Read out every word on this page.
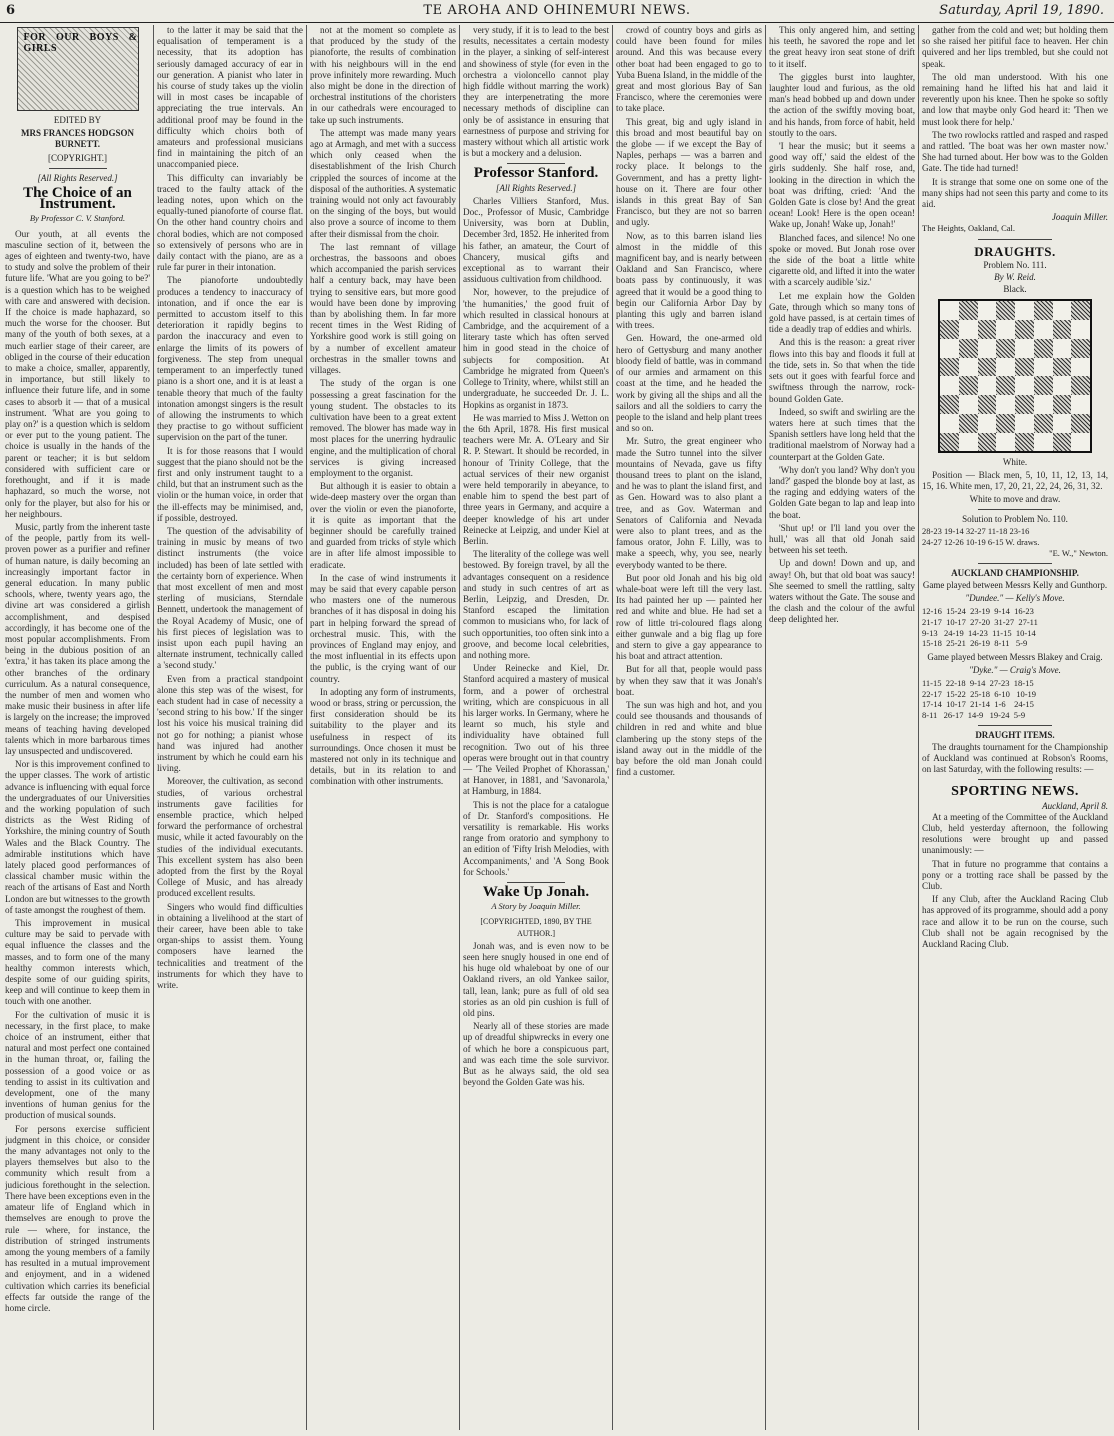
6	TE AROHA AND OHINEMURI NEWS.	Saturday, April 19, 1890.
FOR OUR BOYS & GIRLS
EDITED BY
MRS FRANCES HODGSON BURNETT.
[COPYRIGHT.]
[All Rights Reserved.]
The Choice of an Instrument.
By Professor C. V. Stanford.

Our youth, at all events the masculine section of it, between the ages of eighteen and twenty-two, have to study and solve the problem of their future life. 'What are you going to be?' is a question which has to be weighed with care and answered with decision. If the choice is made haphazard, so much the worse for the chooser. But many of the youth of both sexes, at a much earlier stage of their career, are obliged in the course of their education to make a choice, smaller, apparently, in importance, but still likely to influence their future life, and in some cases to absorb it — that of a musical instrument. 'What are you going to play on?' is a question which is seldom or ever put to the young patient. The choice is usually in the hands of the parent or teacher; it is but seldom considered with sufficient care or forethought, and if it is made haphazard, so much the worse, not only for the player, but also for his or her neighbours.

Music, partly from the inherent taste of the people, partly from its well-proven power as a purifier and refiner of human nature, is daily becoming an increasingly important factor in general education. In many public schools, where, twenty years ago, the divine art was considered a girlish accomplishment, and despised accordingly, it has become one of the most popular accomplishments. From being in the dubious position of an 'extra,' it has taken its place among the other branches of the ordinary curriculum. As a natural consequence, the number of men and women who make music their business in after life is largely on the increase; the improved means of teaching having developed talents which in more barbarous times lay unsuspected and undiscovered.

Nor is this improvement confined to the upper classes. The work of artistic advance is influencing with equal force the undergraduates of our Universities and the working population of such districts as the West Riding of Yorkshire, the mining country of South Wales and the Black Country. The admirable institutions which have lately placed good performances of classical chamber music within the reach of the artisans of East and North London are but witnesses to the growth of taste amongst the roughest of them.

This improvement in musical culture may be said to pervade with equal influence the classes and the masses, and to form one of the many healthy common interests which, despite some of our guiding spirits, keep and will continue to keep them in touch with one another.

For the cultivation of music it is necessary, in the first place, to make choice of an instrument, either that natural and most perfect one contained in the human throat, or, failing the possession of a good voice or as tending to assist in its cultivation and development, one of the many inventions of human genius for the production of musical sounds.

For persons exercise sufficient judgment in this choice, or consider the many advantages not only to the players themselves but also to the community which result from a judicious forethought in the selection. There have been exceptions even in the amateur life of England which in themselves are enough to prove the rule — where, for instance, the distribution of stringed instruments among the young members of a family has resulted in a mutual improvement and enjoyment, and in a widened cultivation which carries its beneficial effects far outside the range of the home circle.

to the latter it may be said that the equalisation of temperament is a necessity, that its adoption has seriously damaged accuracy of ear in our generation. A pianist who later in his course of study takes up the violin will in most cases be incapable of appreciating the true intervals. An additional proof may be found in the difficulty which choirs both of amateurs and professional musicians find in maintaining the pitch of an unaccompanied piece.

This difficulty can invariably be traced to the faulty attack of the leading notes, upon which on the equally-tuned pianoforte of course flat. On the other hand country choirs and choral bodies, which are not composed so extensively of persons who are in daily contact with the piano, are as a rule far purer in their intonation.

The pianoforte undoubtedly produces a tendency to inaccuracy of intonation, and if once the ear is permitted to accustom itself to this deterioration it rapidly begins to pardon the inaccuracy and even to enlarge the limits of its powers of forgiveness. The step from unequal temperament to an imperfectly tuned piano is a short one, and it is at least a tenable theory that much of the faulty intonation amongst singers is the result of allowing the instruments to which they practise to go without sufficient supervision on the part of the tuner.

It is for those reasons that I would suggest that the piano should not be the first and only instrument taught to a child, but that an instrument such as the violin or the human voice, in order that the ill-effects may be minimised, and, if possible, destroyed.

The question of the advisability of training in music by means of two distinct instruments (the voice included) has been of late settled with the certainty born of experience. When that most excellent of men and most sterling of musicians, Sterndale Bennett, undertook the management of the Royal Academy of Music, one of his first pieces of legislation was to insist upon each pupil having an alternate instrument, technically called a 'second study.'

Even from a practical standpoint alone this step was of the wisest, for each student had in case of necessity a 'second string to his bow.' If the singer lost his voice his musical training did not go for nothing; a pianist whose hand was injured had another instrument by which he could earn his living.

Moreover, the cultivation, as second studies, of various orchestral instruments gave facilities for ensemble practice, which helped forward the performance of orchestral music, while it acted favourably on the studies of the individual executants. This excellent system has also been adopted from the first by the Royal College of Music, and has already produced excellent results.

Singers who would find difficulties in obtaining a livelihood at the start of their career, have been able to take organ-ships to assist them. Young composers have learned the technicalities and treatment of the instruments for which they have to write.

not at the moment so complete as that produced by the study of the pianoforte, the results of combination with his neighbours will in the end prove infinitely more rewarding. Much also might be done in the direction of orchestral institutions of the choristers in our cathedrals were encouraged to take up such instruments.

The attempt was made many years ago at Armagh, and met with a success which only ceased when the disestablishment of the Irish Church crippled the sources of income at the disposal of the authorities. A systematic training would not only act favourably on the singing of the boys, but would also prove a source of income to them after their dismissal from the choir.

The last remnant of village orchestras, the bassoons and oboes which accompanied the parish services half a century back, may have been trying to sensitive ears, but more good would have been done by improving than by abolishing them. In far more recent times in the West Riding of Yorkshire good work is still going on by a number of excellent amateur orchestras in the smaller towns and villages.

The study of the organ is one possessing a great fascination for the young student. The obstacles to its cultivation have been to a great extent removed. The blower has made way in most places for the unerring hydraulic engine, and the multiplication of choral services is giving increased employment to the organist.

But although it is easier to obtain a wide-deep mastery over the organ than over the violin or even the pianoforte, it is quite as important that the beginner should be carefully trained and guarded from tricks of style which are in after life almost impossible to eradicate.

In the case of wind instruments it may be said that every capable person who masters one of the numerous branches of it has disposal in doing his part in helping forward the spread of orchestral music. This, with the provinces of England may enjoy, and the most influential in its effects upon the public, is the crying want of our country.

In adopting any form of instruments, wood or brass, string or percussion, the first consideration should be its suitability to the player and its usefulness in respect of its surroundings. Once chosen it must be mastered not only in its technique and details, but in its relation to and combination with other instruments.

very study, if it is to lead to the best results, necessitates a certain modesty in the player, a sinking of self-interest and showiness of style (for even in the orchestra a violoncello cannot play high fiddle without marring the work) they are interpenetrating the more necessary methods of discipline can only be of assistance in ensuring that earnestness of purpose and striving for mastery without which all artistic work is but a mockery and a delusion.

Professor Stanford.
[All Rights Reserved.]

Charles Villiers Stanford, Mus. Doc., Professor of Music, Cambridge University, was born at Dublin, December 3rd, 1852. He inherited from his father, an amateur, the Court of Chancery, musical gifts and exceptional as to warrant their assiduous cultivation from childhood.

Nor, however, to the prejudice of 'the humanities,' the good fruit of which resulted in classical honours at Cambridge, and the acquirement of a literary taste which has often served him in good stead in the choice of subjects for composition. At Cambridge he migrated from Queen's College to Trinity, where, whilst still an undergraduate, he succeeded Dr. J. L. Hopkins as organist in 1873.

He was married to Miss J. Wetton on the 6th April, 1878. His first musical teachers were Mr. A. O'Leary and Sir R. P. Stewart. It should be recorded, in honour of Trinity College, that the actual services of their new organist were held temporarily in abeyance, to enable him to spend the best part of three years in Germany, and acquire a deeper knowledge of his art under Reinecke at Leipzig, and under Kiel at Berlin.

The literality of the college was well bestowed. By foreign travel, by all the advantages consequent on a residence and study in such centres of art as Berlin, Leipzig, and Dresden, Dr. Stanford escaped the limitation common to musicians who, for lack of such opportunities, too often sink into a groove, and become local celebrities, and nothing more.

Under Reinecke and Kiel, Dr. Stanford acquired a mastery of musical form, and a power of orchestral writing, which are conspicuous in all his larger works. In Germany, where he learnt so much, his style and individuality have obtained full recognition. Two out of his three operas were brought out in that country — 'The Veiled Prophet of Khorassan,' at Hanover, in 1881, and 'Savonarola,' at Hamburg, in 1884.

This is not the place for a catalogue of Dr. Stanford's compositions. He versatility is remarkable. His works range from oratorio and symphony to an edition of 'Fifty Irish Melodies, with Accompaniments,' and 'A Song Book for Schools.'

Wake Up Jonah.
A Story by Joaquin Miller.
[COPYRIGHTED, 1890, BY THE AUTHOR.]

Jonah was, and is even now to be seen here snugly housed in one end of his huge old whaleboat by one of our Oakland rivers, an old Yankee sailor, tall, lean, lank; pure as full of old sea stories as an old pin cushion is full of old pins.

Nearly all of these stories are made up of dreadful shipwrecks in every one of which he bore a conspicuous part, and was each time the sole survivor. But as he always said, the old sea beyond the Golden Gate was his.

crowd of country boys and girls as could have been found for miles around. And this was because every other boat had been engaged to go to Yuba Buena Island, in the middle of the great and most glorious Bay of San Francisco, where the ceremonies were to take place.

This great, big and ugly island in this broad and most beautiful bay on the globe — if we except the Bay of Naples, perhaps — was a barren and rocky place. It belongs to the Government, and has a pretty light-house on it. There are four other islands in this great Bay of San Francisco, but they are not so barren and ugly.

Now, as to this barren island lies almost in the middle of this magnificent bay, and is nearly between Oakland and San Francisco, where boats pass by continuously, it was agreed that it would be a good thing to begin our California Arbor Day by planting this ugly and barren island with trees.

Gen. Howard, the one-armed old hero of Gettysburg and many another bloody field of battle, was in command of our armies and armament on this coast at the time, and he headed the work by giving all the ships and all the sailors and all the soldiers to carry the people to the island and help plant trees and so on.

Mr. Sutro, the great engineer who made the Sutro tunnel into the silver mountains of Nevada, gave us fifty thousand trees to plant on the island, and he was to plant the island first, and as Gen. Howard was to also plant a tree, and as Gov. Waterman and Senators of California and Nevada were also to plant trees, and as the famous orator, John F. Lilly, was to make a speech, why, you see, nearly everybody wanted to be there.

But poor old Jonah and his big old whale-boat were left till the very last. Its had painted her up — painted her red and white and blue. He had set a row of little tri-coloured flags along either gunwale and a big flag up fore and stern to give a gay appearance to his boat and attract attention.

But for all that, people would pass by when they saw that it was Jonah's boat.

The sun was high and hot, and you could see thousands and thousands of children in red and white and blue clambering up the stony steps of the island away out in the middle of the bay before the old man Jonah could find a customer.

This only angered him, and setting his teeth, he savored the rope and let the great heavy iron seat stone of drift to it itself.

The giggles burst into laughter, laughter loud and furious, as the old man's head bobbed up and down under the action of the swiftly moving boat, and his hands, from force of habit, held stoutly to the oars.

'I hear the music; but it seems a good way off,' said the eldest of the girls suddenly. She half rose, and, looking in the direction in which the boat was drifting, cried: 'And the Golden Gate is close by! And the great ocean! Look! Here is the open ocean! Wake up, Jonah! Wake up, Jonah!'

Blanched faces, and silence! No one spoke or moved. But Jonah rose over the side of the boat a little white cigarette old, and lifted it into the water with a scarcely audible 'siz.'

Let me explain how the Golden Gate, through which so many tons of gold have passed, is at certain times of tide a deadly trap of eddies and whirls.

And this is the reason: a great river flows into this bay and floods it full at the tide, sets in. So that when the tide sets out it goes with fearful force and swiftness through the narrow, rock-bound Golden Gate.

Indeed, so swift and swirling are the waters here at such times that the Spanish settlers have long held that the traditional maelstrom of Norway had a counterpart at the Golden Gate.

'Why don't you land? Why don't you land?' gasped the blonde boy at last, as the raging and eddying waters of the Golden Gate began to lap and leap into the boat.

'Shut up! or I'll land you over the hull,' was all that old Jonah said between his set teeth.

Up and down! Down and up, and away! Oh, but that old boat was saucy! She seemed to smell the rattling, salty waters without the Gate. The souse and the clash and the colour of the awful deep delighted her.

gather from the cold and wet; but holding them so she raised her pitiful face to heaven. Her chin quivered and her lips trembled, but she could not speak.

The old man understood. With his one remaining hand he lifted his hat and laid it reverently upon his knee. Then he spoke so softly and low that maybe only God heard it: 'Then we must look there for help.'

The two rowlocks rattled and rasped and rasped and rattled. 'The boat was her own master now.' She had turned about. Her bow was to the Golden Gate. The tide had turned!

It is strange that some one on some one of the many ships had not seen this party and come to its aid.

Joaquin Miller.
The Heights, Oakland, Cal.
DRAUGHTS.
Problem No. 111.
By W. Reid.
Black.
White.

Position — Black men, 5, 10, 11, 12, 13, 14, 15, 16. White men, 17, 20, 21, 22, 24, 26, 31, 32.

White to move and draw.
Solution to Problem No. 110.
28-23 19-14 32-27 11-18 23-16
24-27 12-26 10-19 6-15 W. draws.
"E. W.," Newton.
AUCKLAND CHAMPIONSHIP.
Game played between Messrs Kelly and Gunthorp.
"Dundee." — Kelly's Move.
12-16  15-24  23-19  9-14  16-23
21-17  10-17  27-20  31-27  27-11
9-13   24-19  14-23  11-15  10-14
15-18  25-21  26-19  8-11   5-9
Game played between Messrs Blakey and Craig.
"Dyke." — Craig's Move.
11-15  22-18  9-14  27-23  18-15
22-17  15-22  25-18  6-10   10-19
17-14  10-17  21-14  1-6    24-15
8-11   26-17  14-9   19-24  5-9
DRAUGHT ITEMS.

The draughts tournament for the Championship of Auckland was continued at Robson's Rooms, on last Saturday, with the following results: —

SPORTING NEWS.
Auckland, April 8.

At a meeting of the Committee of the Auckland Club, held yesterday afternoon, the following resolutions were brought up and passed unanimously: —

That in future no programme that contains a pony or a trotting race shall be passed by the Club.

If any Club, after the Auckland Racing Club has approved of its programme, should add a pony race and allow it to be run on the course, such Club shall not be again recognised by the Auckland Racing Club.
